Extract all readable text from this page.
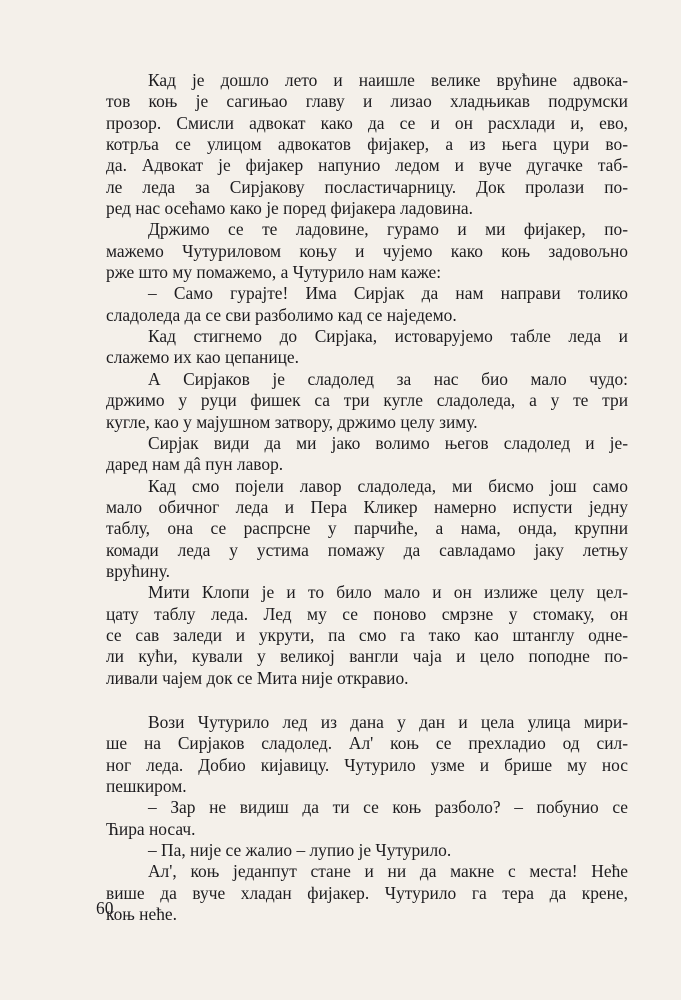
Кад је дошло лето и наишле велике врућине адвока-
тов коњ је сагињао главу и лизао хладњикав подрумски
прозор. Смисли адвокат како да се и он расхлади и, ево,
котрља се улицом адвокатов фијакер, а из њега цури во-
да. Адвокат је фијакер напунио ледом и вуче дугачке таб-
ле леда за Сирјакову посластичарницу. Док пролази по-
ред нас осећамо како је поред фијакера ладовина.
Држимо се те ладовине, гурамо и ми фијакер, по-
мажемо Чутуриловом коњу и чујемо како коњ задовољно
рже што му помажемо, а Чутурило нам каже:
– Само гурајте! Има Сирјак да нам направи толико
сладоледа да се сви разболимо кад се наједемо.
Кад стигнемо до Сирјака, истоварујемо табле леда и
слажемо их као цепанице.
А Сирјаков је сладолед за нас био мало чудо:
држимо у руци фишек са три кугле сладоледа, а у те три
кугле, као у мајушном затвору, држимо целу зиму.
Сирјак види да ми јако волимо његов сладолед и је-
даред нам дâ пун лавор.
Кад смо појели лавор сладоледа, ми бисмо још само
мало обичног леда и Пера Кликер намерно испусти једну
таблу, она се распрсне у парчиће, а нама, онда, крупни
комади леда у устима помажу да савладамо јаку летњу
врућину.
Мити Клопи је и то било мало и он излиже целу цел-
цату таблу леда. Лед му се поново смрзне у стомаку, он
се сав заледи и укрути, па смо га тако као штанглу одне-
ли кући, кували у великој вангли чаја и цело поподне по-
ливали чајем док се Мита није откравио.
Вози Чутурило лед из дана у дан и цела улица мири-
ше на Сирјаков сладолед. Ал' коњ се прехладио од сил-
ног леда. Добио кијавицу. Чутурило узме и брише му нос
пешкиром.
– Зар не видиш да ти се коњ разболо? – побунио се
Ћира носач.
– Па, није се жалио – лупио је Чутурило.
Ал', коњ једанпут стане и ни да макне с места! Неће
више да вуче хладан фијакер. Чутурило га тера да крене,
коњ неће.
60
